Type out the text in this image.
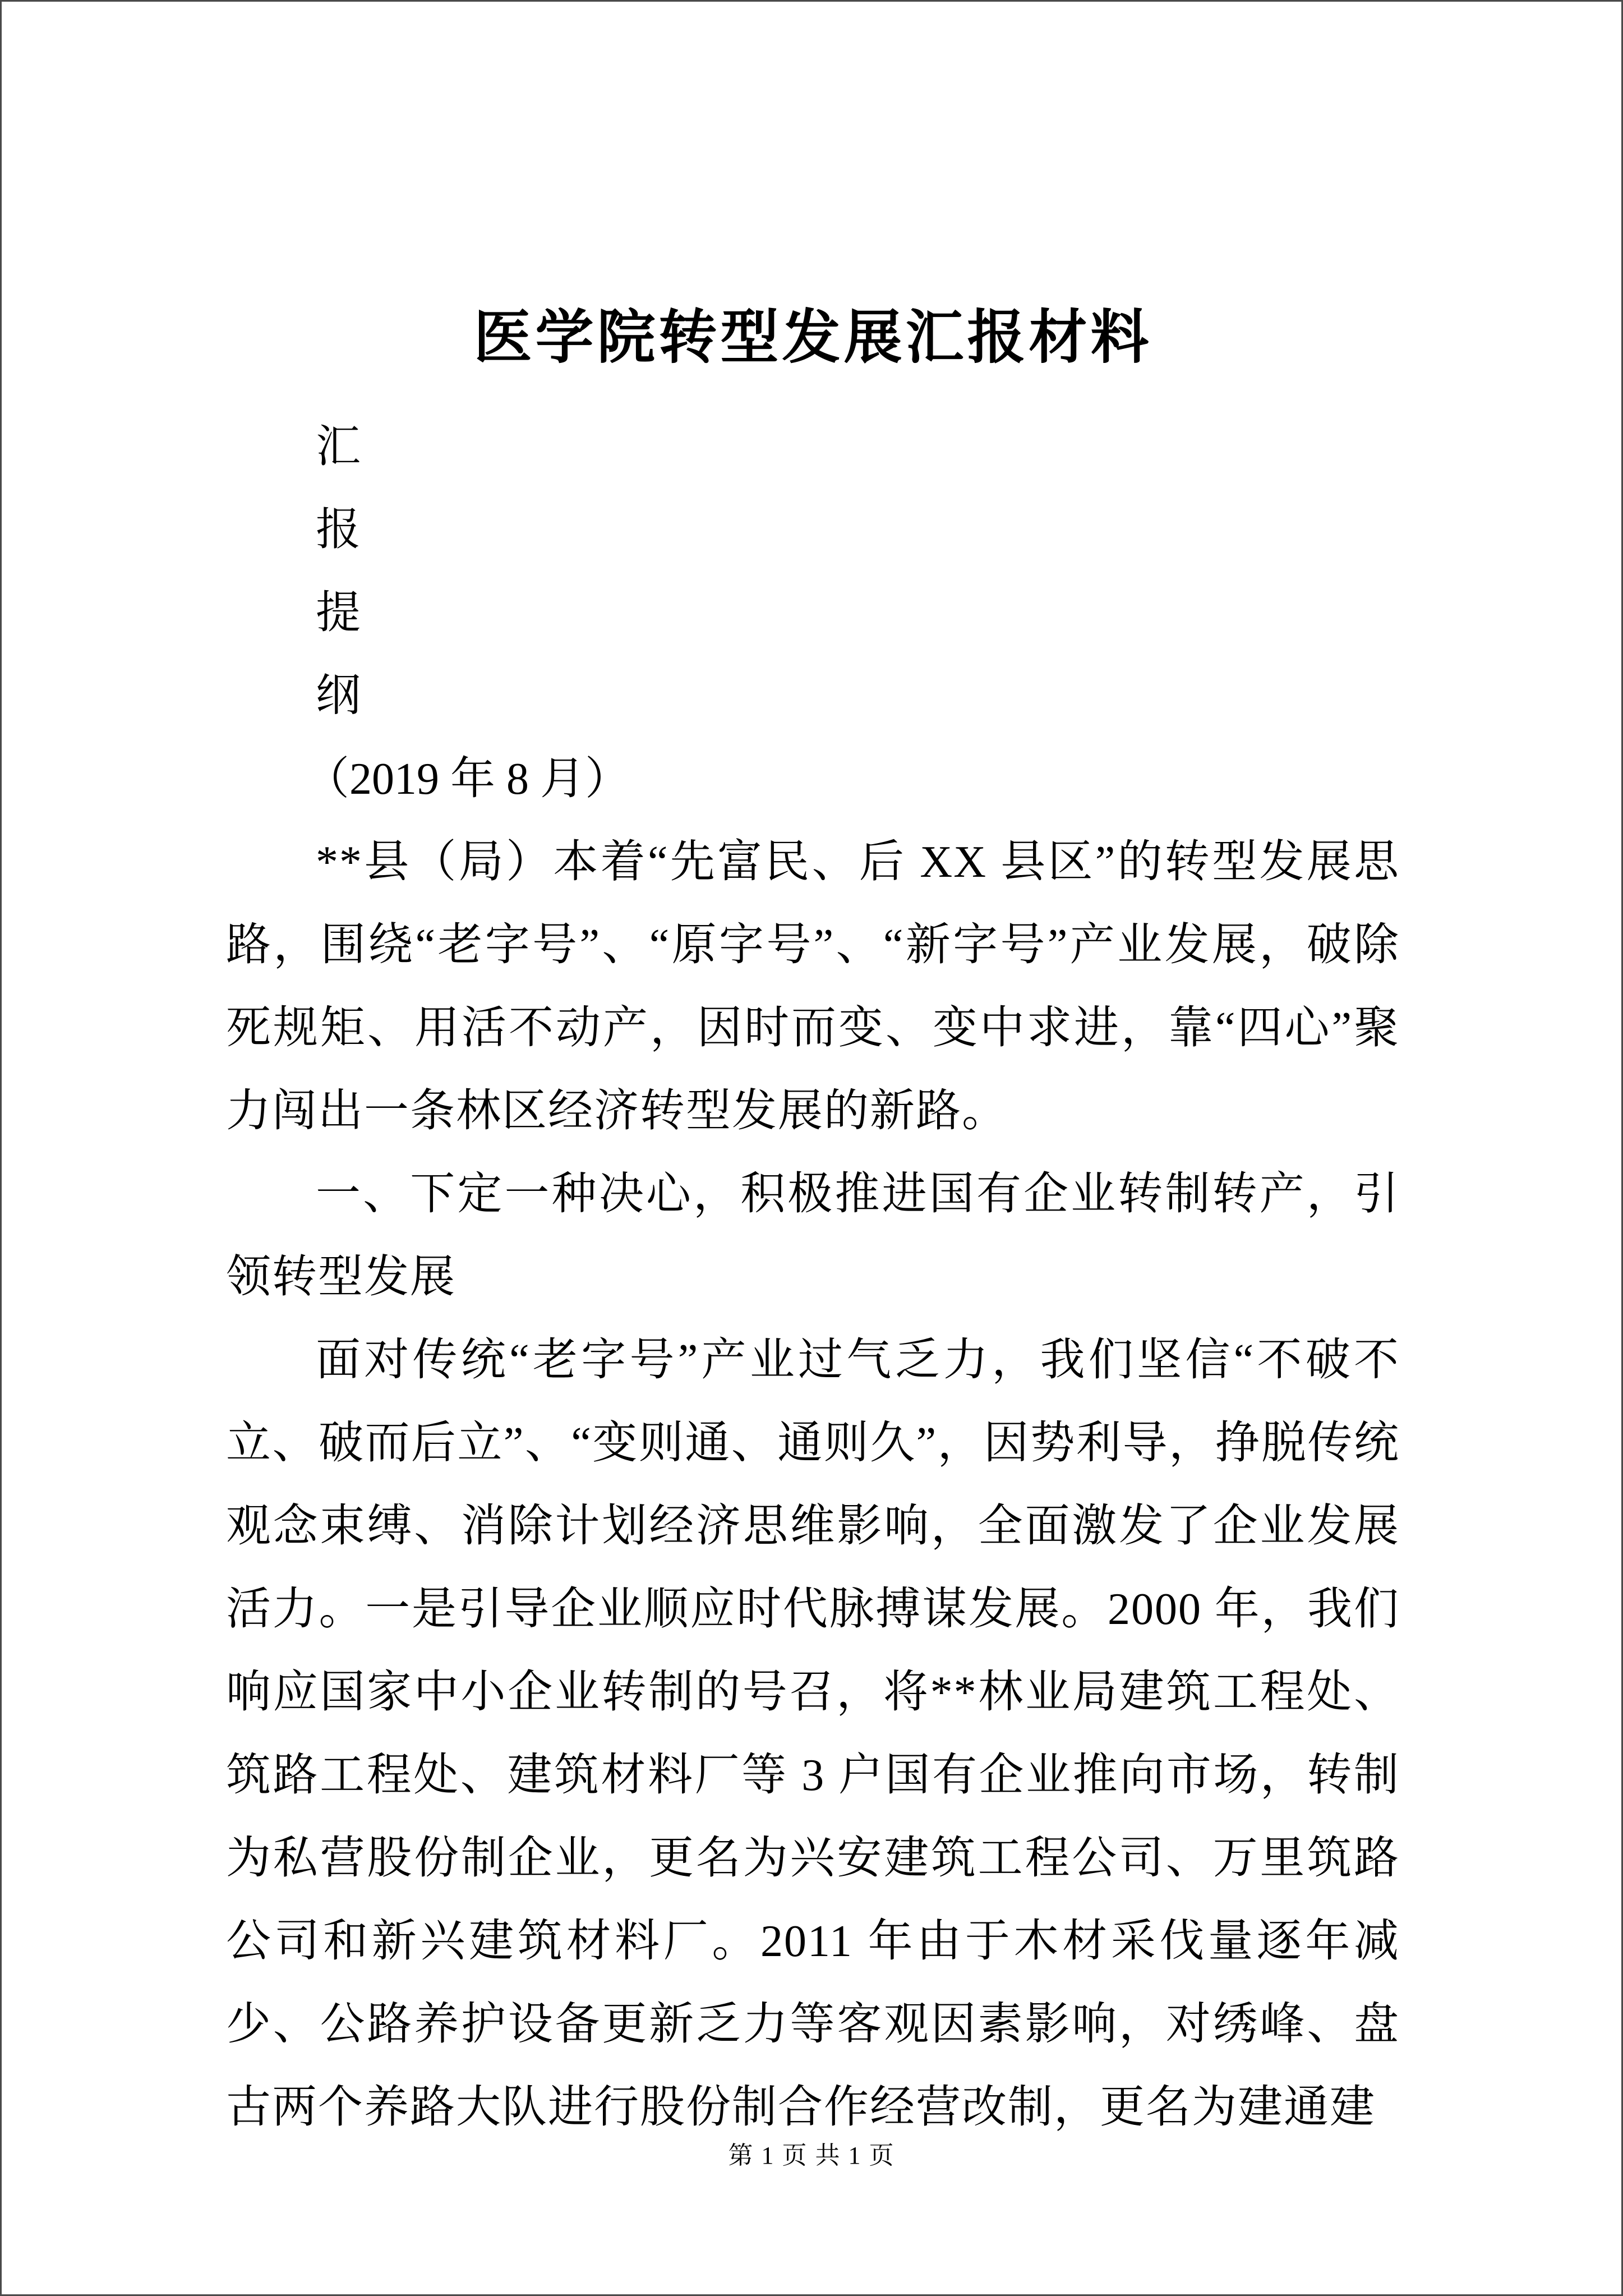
医学院转型发展汇报材料
汇
报
提
纲
（2019 年 8 月）

**县（局）本着“先富民、后 XX 县区”的转型发展思路，围绕“老字号”、“原字号”、“新字号”产业发展，破除死规矩、用活不动产，因时而变、变中求进，靠“四心”聚力闯出一条林区经济转型发展的新路。

一、下定一种决心，积极推进国有企业转制转产，引领转型发展

面对传统“老字号”产业过气乏力，我们坚信“不破不立、破而后立”、“变则通、通则久”，因势利导，挣脱传统观念束缚、消除计划经济思维影响，全面激发了企业发展活力。一是引导企业顺应时代脉搏谋发展。2000 年，我们响应国家中小企业转制的号召，将**林业局建筑工程处、筑路工程处、建筑材料厂等 3 户国有企业推向市场，转制为私营股份制企业，更名为兴安建筑工程公司、万里筑路公司和新兴建筑材料厂。2011 年由于木材采伐量逐年减少、公路养护设备更新乏力等客观因素影响，对绣峰、盘古两个养路大队进行股份制合作经营改制，更名为建通建

第 1 页 共 1 页
